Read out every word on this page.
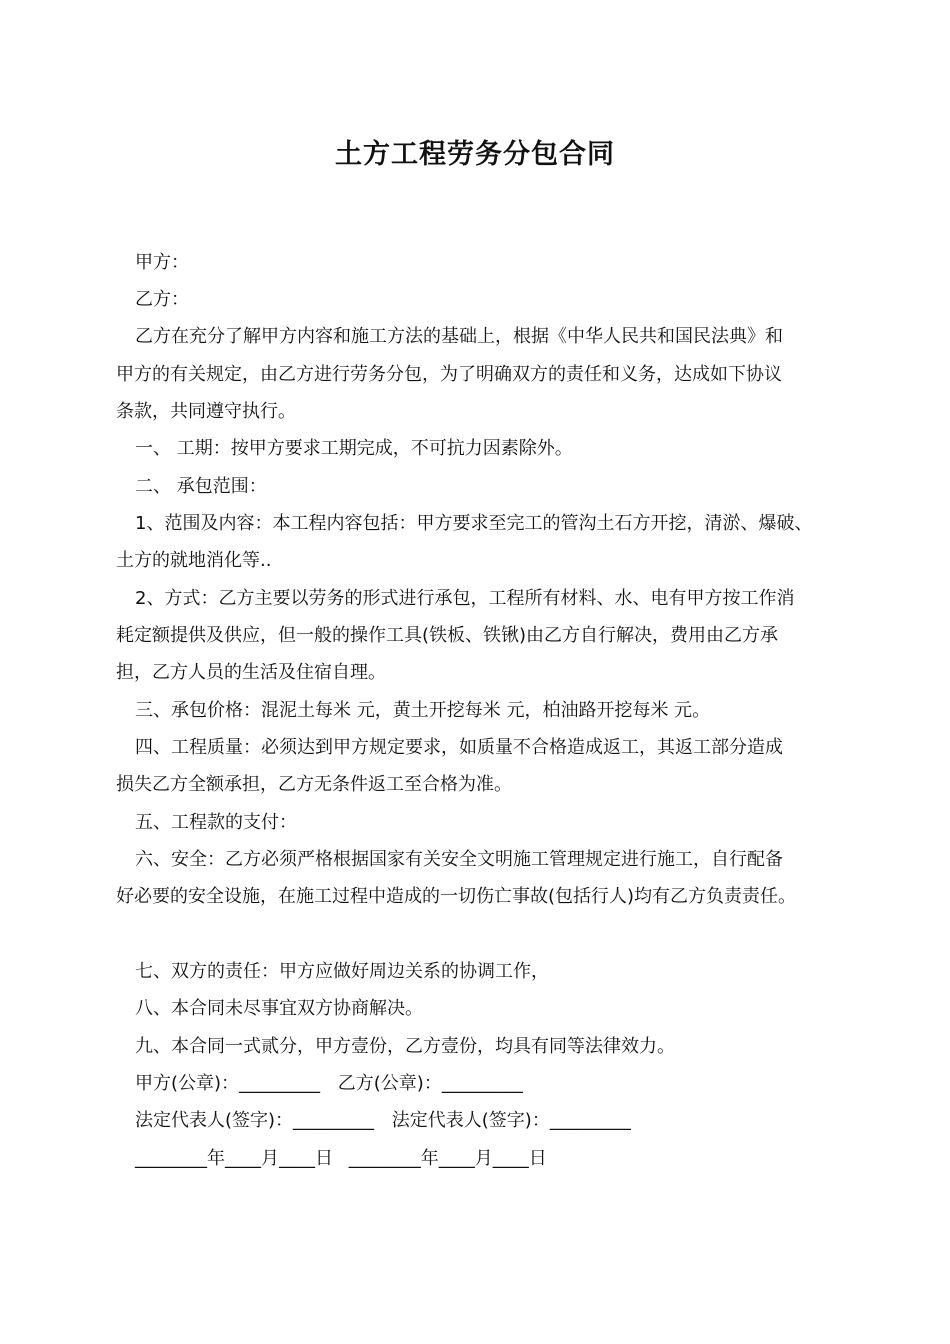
土方工程劳务分包合同

甲方：

乙方：

乙方在充分了解甲方内容和施工方法的基础上，根据《中华人民共和国民法典》和

甲方的有关规定，由乙方进行劳务分包，为了明确双方的责任和义务，达成如下协议

条款，共同遵守执行。

一、 工期：按甲方要求工期完成，不可抗力因素除外。

二、 承包范围：

1、范围及内容：本工程内容包括：甲方要求至完工的管沟土石方开挖，清淤、爆破、

土方的就地消化等..

2、方式：乙方主要以劳务的形式进行承包，工程所有材料、水、电有甲方按工作消

耗定额提供及供应，但一般的操作工具(铁板、铁锹)由乙方自行解决，费用由乙方承

担，乙方人员的生活及住宿自理。

三、承包价格：混泥土每米 元，黄土开挖每米 元，柏油路开挖每米 元。

四、工程质量：必须达到甲方规定要求，如质量不合格造成返工，其返工部分造成

损失乙方全额承担，乙方无条件返工至合格为准。

五、工程款的支付：

六、安全：乙方必须严格根据国家有关安全文明施工管理规定进行施工，自行配备

好必要的安全设施，在施工过程中造成的一切伤亡事故(包括行人)均有乙方负责责任。

七、双方的责任：甲方应做好周边关系的协调工作，

八、本合同未尽事宜双方协商解决。

九、本合同一式贰分，甲方壹份，乙方壹份，均具有同等法律效力。

甲方(公章)：_________ 乙方(公章)：_________
法定代表人(签字)：_________ 法定代表人(签字)：_________
________年____月____日 ________年____月____日
